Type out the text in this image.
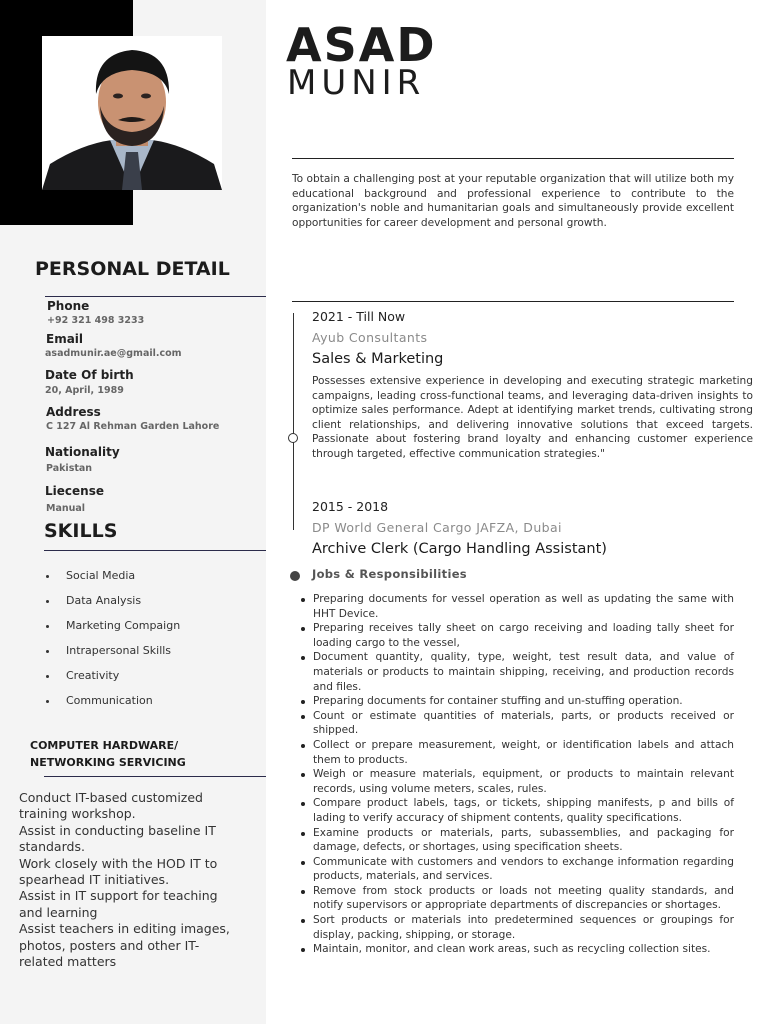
ASAD
MUNIR

To obtain a challenging post at your reputable organization that will utilize both my educational background and professional experience to contribute to the organization's noble and humanitarian goals and simultaneously provide excellent opportunities for career development and personal growth.

PERSONAL DETAIL
Phone
+92 321 498 3233
Email
asadmunir.ae@gmail.com
Date Of birth
20, April, 1989
Address
C 127 Al Rehman Garden Lahore
Nationality
Pakistan
Liecense
Manual
SKILLS
Social Media
Data Analysis
Marketing Compaign
Intrapersonal Skills
Creativity
Communication
COMPUTER HARDWARE/
NETWORKING SERVICING

Conduct IT-based customized

training workshop.

Assist in conducting baseline IT

standards.

Work closely with the HOD IT to

spearhead IT initiatives.

Assist in IT support for teaching

and learning

Assist teachers in editing images,

photos, posters and other IT-

related matters

2021 - Till Now
Ayub Consultants
Sales & Marketing

Possesses extensive experience in developing and executing strategic marketing campaigns, leading cross-functional teams, and leveraging data-driven insights to optimize sales performance. Adept at identifying market trends, cultivating strong client relationships, and delivering innovative solutions that exceed targets. Passionate about fostering brand loyalty and enhancing customer experience through targeted, effective communication strategies."

2015 - 2018
DP World General Cargo JAFZA, Dubai
Archive Clerk (Cargo Handling Assistant)
Jobs & Responsibilities
Preparing documents for vessel operation as well as updating the same with HHT Device.
Preparing receives tally sheet on cargo receiving and loading tally sheet for loading cargo to the vessel,
Document quantity, quality, type, weight, test result data, and value of materials or products to maintain shipping, receiving, and production records and files.
Preparing documents for container stuffing and un-stuffing operation.
Count or estimate quantities of materials, parts, or products received or shipped.
Collect or prepare measurement, weight, or identification labels and attach them to products.
Weigh or measure materials, equipment, or products to maintain relevant records, using volume meters, scales, rules.
Compare product labels, tags, or tickets, shipping manifests, p and bills of lading to verify accuracy of shipment contents, quality specifications.
Examine products or materials, parts, subassemblies, and packaging for damage, defects, or shortages, using specification sheets.
Communicate with customers and vendors to exchange information regarding products, materials, and services.
Remove from stock products or loads not meeting quality standards, and notify supervisors or appropriate departments of discrepancies or shortages.
Sort products or materials into predetermined sequences or groupings for display, packing, shipping, or storage.
Maintain, monitor, and clean work areas, such as recycling collection sites.
